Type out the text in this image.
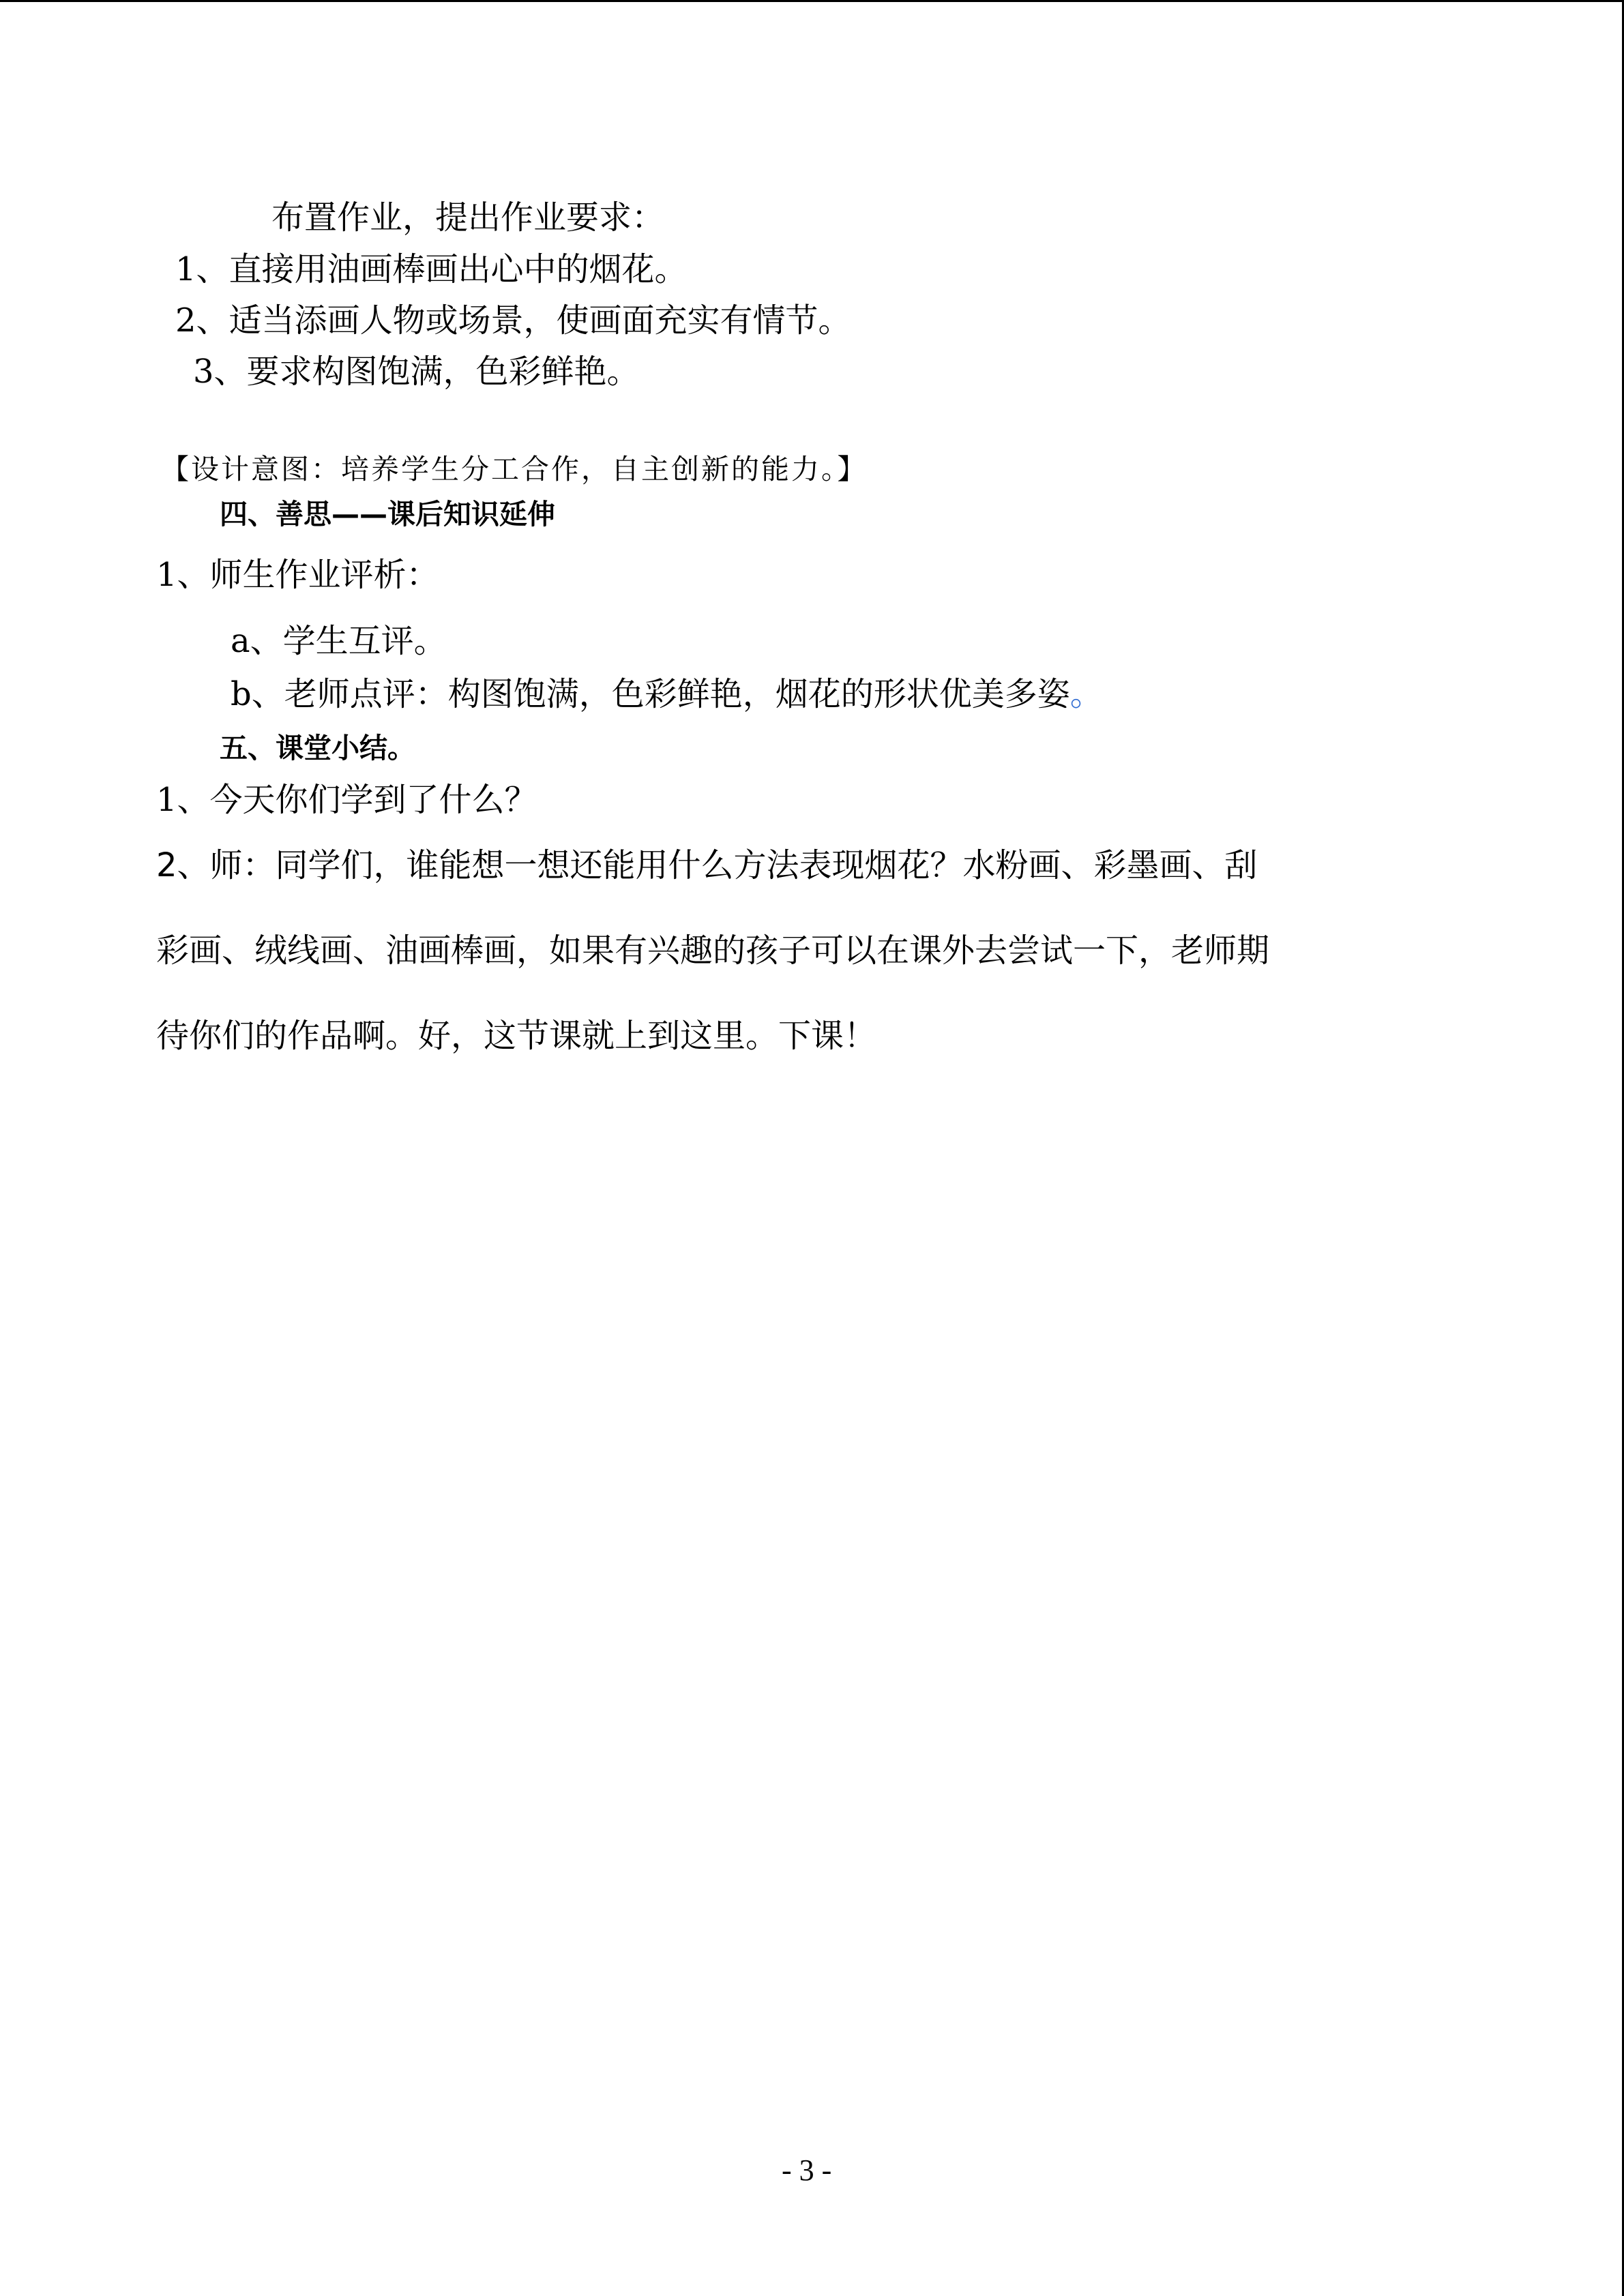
布置作业，提出作业要求：
1、直接用油画棒画出心中的烟花。
2、适当添画人物或场景，使画面充实有情节。
3、要求构图饱满，色彩鲜艳。
【设计意图：培养学生分工合作，自主创新的能力。】
四、善思——课后知识延伸
1、师生作业评析：
a、学生互评。
b、老师点评：构图饱满，色彩鲜艳，烟花的形状优美多姿。
五、课堂小结。
1、今天你们学到了什么？
2、师：同学们，谁能想一想还能用什么方法表现烟花？水粉画、彩墨画、刮
彩画、绒线画、油画棒画，如果有兴趣的孩子可以在课外去尝试一下，老师期
待你们的作品啊。好，这节课就上到这里。下课！
- 3 -
